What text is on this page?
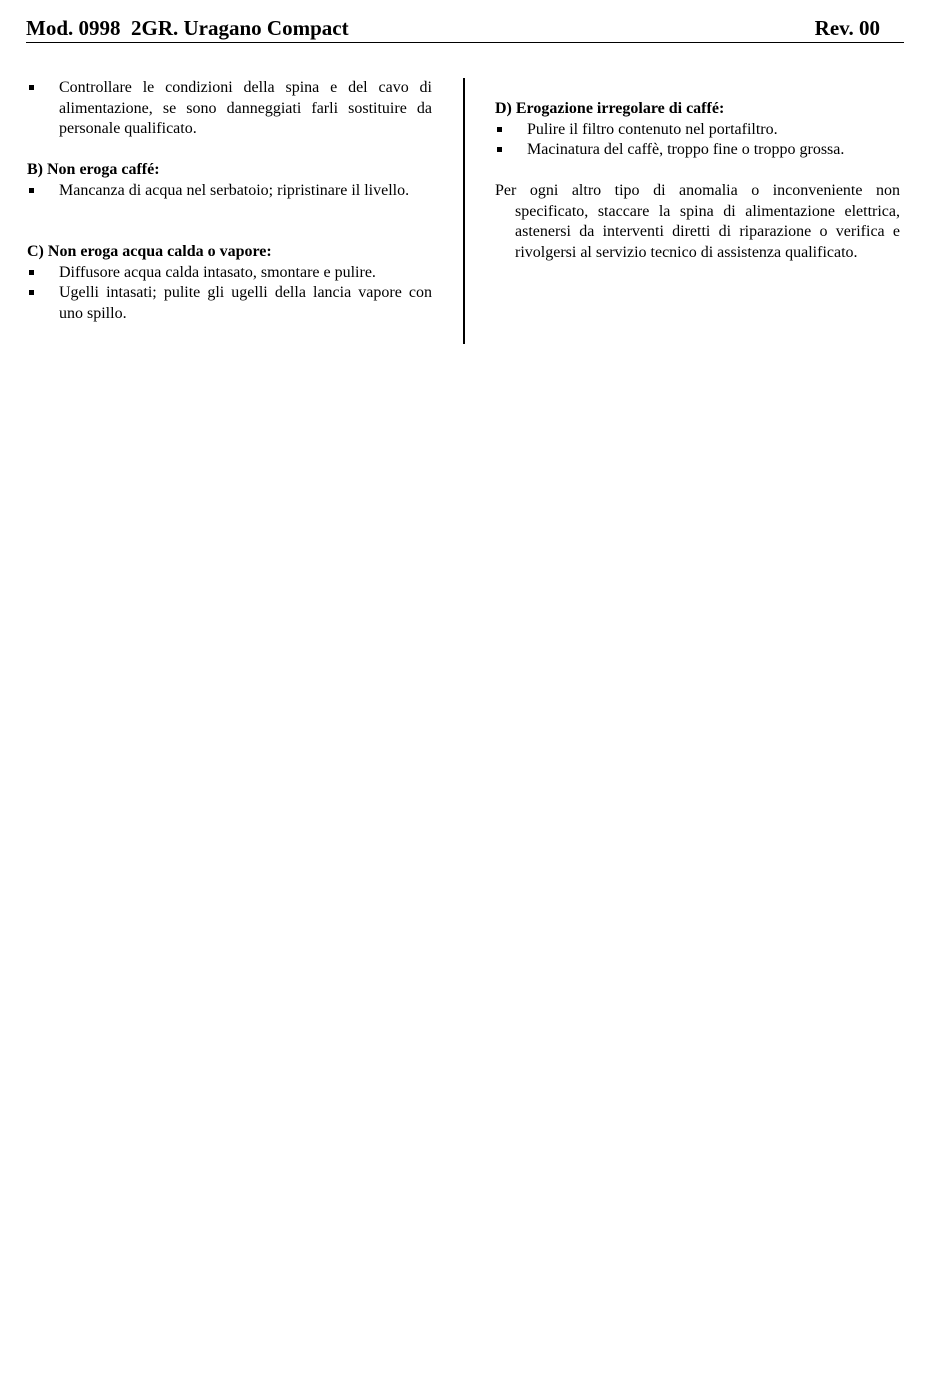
Mod. 0998  2GR. Uragano Compact	Rev. 00
Controllare le condizioni della spina e del cavo di alimentazione, se sono danneggiati farli sostituire da personale qualificato.

B) Non eroga caffé:

Mancanza di acqua nel serbatoio; ripristinare il livello.

C) Non eroga acqua calda o vapore:

Diffusore acqua calda intasato, smontare e pulire.
Ugelli intasati; pulite gli ugelli della lancia vapore con uno spillo.

D) Erogazione irregolare di caffé:

Pulire il filtro contenuto nel portafiltro.
Macinatura del caffè, troppo fine o troppo grossa.

Per ogni altro tipo di anomalia o inconveniente non specificato, staccare la spina di alimentazione elettrica, astenersi da interventi diretti di riparazione o verifica e rivolgersi al servizio tecnico di assistenza qualificato.
